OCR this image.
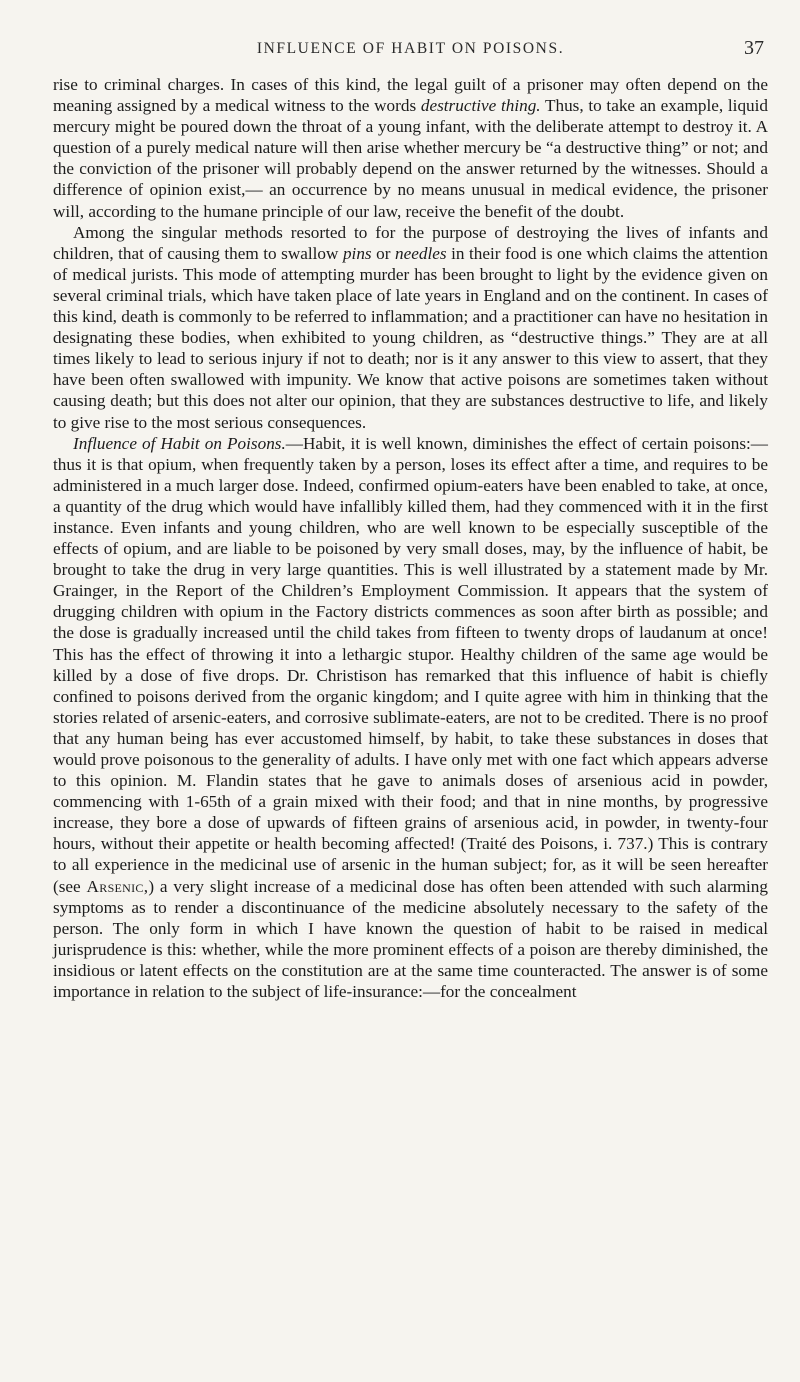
INFLUENCE OF HABIT ON POISONS.	37

rise to criminal charges. In cases of this kind, the legal guilt of a prisoner may often depend on the meaning assigned by a medical witness to the words destructive thing. Thus, to take an example, liquid mercury might be poured down the throat of a young infant, with the deliberate attempt to destroy it. A question of a purely medical nature will then arise whether mercury be “a destructive thing” or not; and the conviction of the prisoner will probably depend on the answer returned by the witnesses. Should a difference of opinion exist,— an occurrence by no means unusual in medical evidence, the prisoner will, according to the humane principle of our law, receive the benefit of the doubt.

Among the singular methods resorted to for the purpose of destroying the lives of infants and children, that of causing them to swallow pins or needles in their food is one which claims the attention of medical jurists. This mode of attempting murder has been brought to light by the evidence given on several criminal trials, which have taken place of late years in England and on the continent. In cases of this kind, death is commonly to be referred to inflammation; and a practitioner can have no hesitation in designating these bodies, when exhibited to young children, as “destructive things.” They are at all times likely to lead to serious injury if not to death; nor is it any answer to this view to assert, that they have been often swallowed with impunity. We know that active poisons are sometimes taken without causing death; but this does not alter our opinion, that they are substances destructive to life, and likely to give rise to the most serious consequences.

Influence of Habit on Poisons.—Habit, it is well known, diminishes the effect of certain poisons:—thus it is that opium, when frequently taken by a person, loses its effect after a time, and requires to be administered in a much larger dose. Indeed, confirmed opium-eaters have been enabled to take, at once, a quantity of the drug which would have infallibly killed them, had they commenced with it in the first instance. Even infants and young children, who are well known to be especially susceptible of the effects of opium, and are liable to be poisoned by very small doses, may, by the influence of habit, be brought to take the drug in very large quantities. This is well illustrated by a statement made by Mr. Grainger, in the Report of the Children’s Employment Commission. It appears that the system of drugging children with opium in the Factory districts commences as soon after birth as possible; and the dose is gradually increased until the child takes from fifteen to twenty drops of laudanum at once! This has the effect of throwing it into a lethargic stupor. Healthy children of the same age would be killed by a dose of five drops. Dr. Christison has remarked that this influence of habit is chiefly confined to poisons derived from the organic kingdom; and I quite agree with him in thinking that the stories related of arsenic-eaters, and corrosive sublimate-eaters, are not to be credited. There is no proof that any human being has ever accustomed himself, by habit, to take these substances in doses that would prove poisonous to the generality of adults. I have only met with one fact which appears adverse to this opinion. M. Flandin states that he gave to animals doses of arsenious acid in powder, commencing with 1-65th of a grain mixed with their food; and that in nine months, by progressive increase, they bore a dose of upwards of fifteen grains of arsenious acid, in powder, in twenty-four hours, without their appetite or health becoming affected! (Traité des Poisons, i. 737.) This is contrary to all experience in the medicinal use of arsenic in the human subject; for, as it will be seen hereafter (see Arsenic,) a very slight increase of a medicinal dose has often been attended with such alarming symptoms as to render a discontinuance of the medicine absolutely necessary to the safety of the person. The only form in which I have known the question of habit to be raised in medical jurisprudence is this: whether, while the more prominent effects of a poison are thereby diminished, the insidious or latent effects on the constitution are at the same time counteracted. The answer is of some importance in relation to the subject of life-insurance:—for the concealment
